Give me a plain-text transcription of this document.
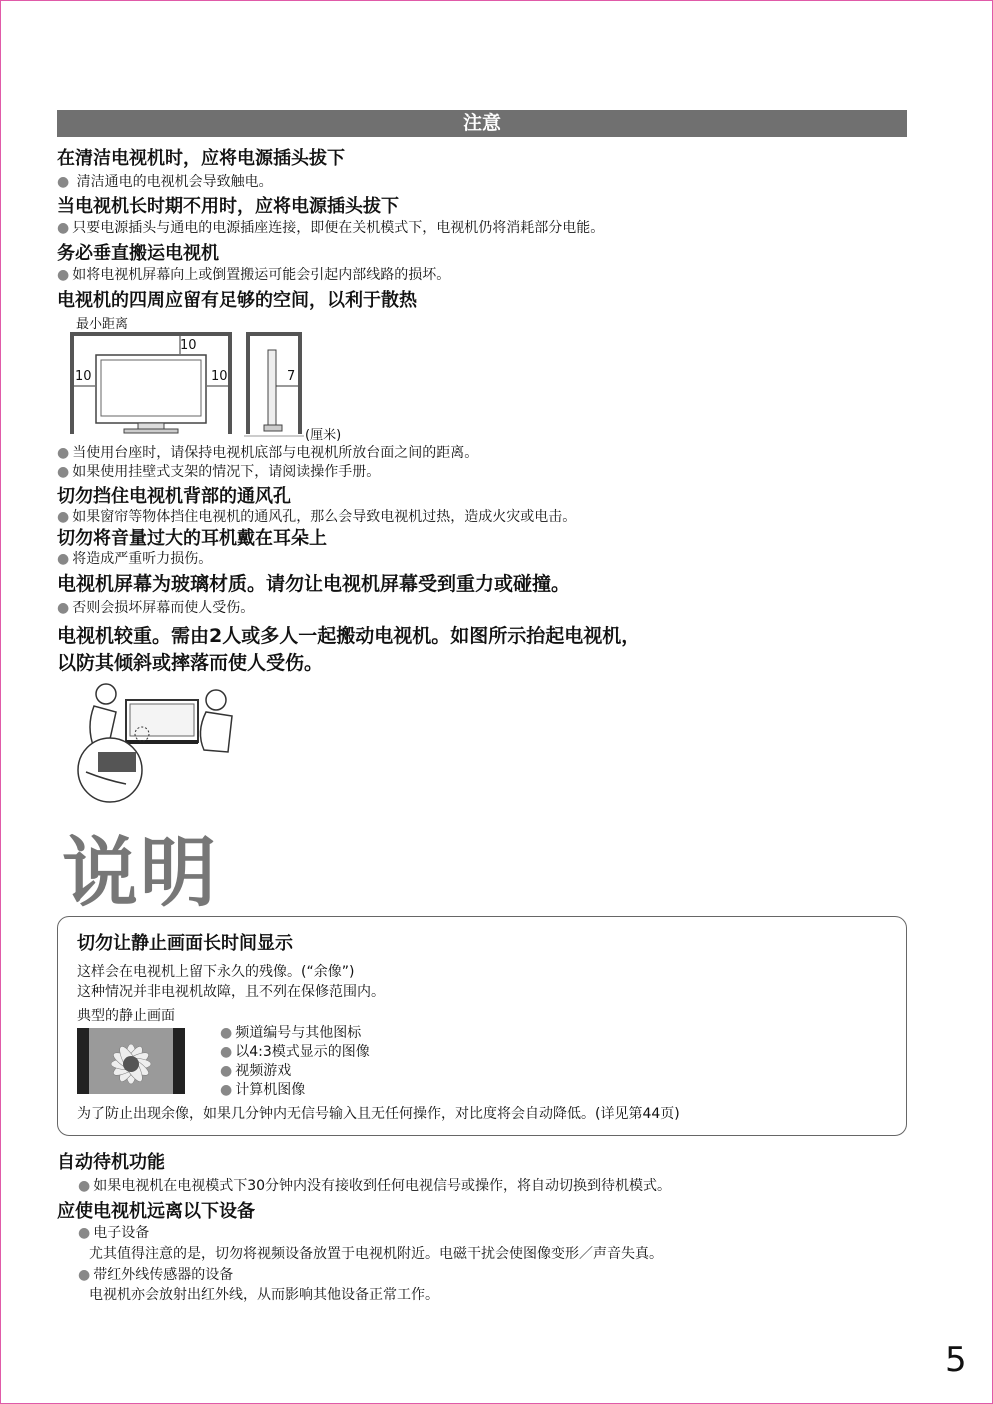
注意
在清洁电视机时，应将电源插头拔下
● 清洁通电的电视机会导致触电。
当电视机长时期不用时，应将电源插头拔下
● 只要电源插头与通电的电源插座连接，即便在关机模式下，电视机仍将消耗部分电能。
务必垂直搬运电视机
● 如将电视机屏幕向上或倒置搬运可能会引起内部线路的损坏。
电视机的四周应留有足够的空间，以利于散热
最小距离
10
10	10	7
(厘米)
● 当使用台座时，请保持电视机底部与电视机所放台面之间的距离。
● 如果使用挂壁式支架的情况下，请阅读操作手册。
切勿挡住电视机背部的通风孔
● 如果窗帘等物体挡住电视机的通风孔，那么会导致电视机过热，造成火灾或电击。
切勿将音量过大的耳机戴在耳朵上
● 将造成严重听力损伤。
电视机屏幕为玻璃材质。请勿让电视机屏幕受到重力或碰撞。
● 否则会损坏屏幕而使人受伤。
电视机较重。需由2人或多人一起搬动电视机。如图所示抬起电视机，
以防其倾斜或摔落而使人受伤。
说明
切勿让静止画面长时间显示
这样会在电视机上留下永久的残像。(“余像”)
这种情况并非电视机故障，且不列在保修范围内。
典型的静止画面
● 频道编号与其他图标
● 以4:3模式显示的图像
● 视频游戏
● 计算机图像
为了防止出现余像，如果几分钟内无信号输入且无任何操作，对比度将会自动降低。(详见第44页)
自动待机功能
● 如果电视机在电视模式下30分钟内没有接收到任何电视信号或操作，将自动切换到待机模式。
应使电视机远离以下设备
● 电子设备
尤其值得注意的是，切勿将视频设备放置于电视机附近。电磁干扰会使图像变形／声音失真。
● 带红外线传感器的设备
电视机亦会放射出红外线，从而影响其他设备正常工作。
5
